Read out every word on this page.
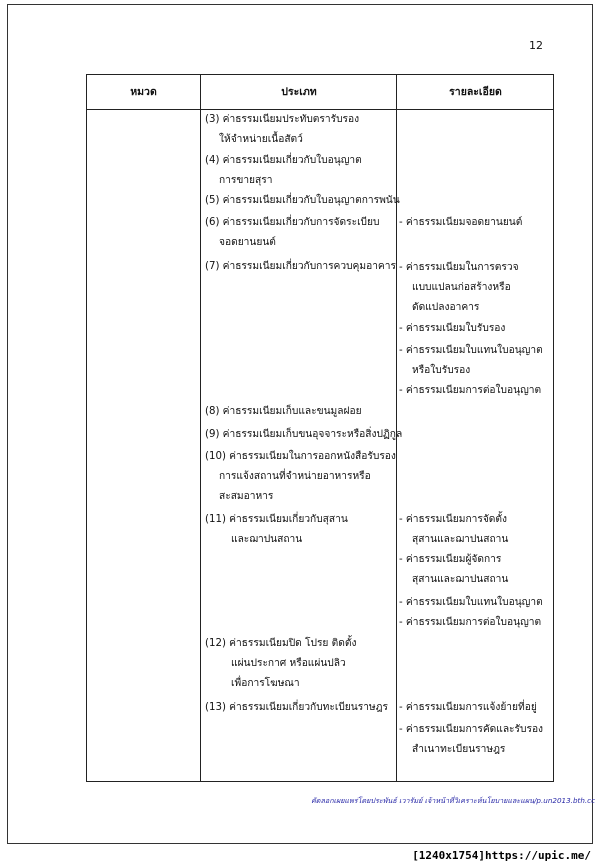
12
หมวด	ประเภท	รายละเอียด
(3) ค่าธรรมเนียมประทับตรารับรอง
ให้จำหน่ายเนื้อสัตว์
(4) ค่าธรรมเนียมเกี่ยวกับใบอนุญาต
การขายสุรา
(5) ค่าธรรมเนียมเกี่ยวกับใบอนุญาตการพนัน
(6) ค่าธรรมเนียมเกี่ยวกับการจัดระเบียบ
จอดยานยนต์
(7) ค่าธรรมเนียมเกี่ยวกับการควบคุมอาคาร
(8) ค่าธรรมเนียมเก็บและขนมูลฝอย
(9) ค่าธรรมเนียมเก็บขนอุจจาระหรือสิ่งปฏิกูล
(10) ค่าธรรมเนียมในการออกหนังสือรับรอง
การแจ้งสถานที่จำหน่ายอาหารหรือ
สะสมอาหาร
(11) ค่าธรรมเนียมเกี่ยวกับสุสาน
และฌาปนสถาน
(12) ค่าธรรมเนียมปิด โปรย ติดตั้ง
แผ่นประกาศ หรือแผ่นปลิว
เพื่อการโฆษณา
(13) ค่าธรรมเนียมเกี่ยวกับทะเบียนราษฎร
- ค่าธรรมเนียมจอดยานยนต์
- ค่าธรรมเนียมในการตรวจ
แบบแปลนก่อสร้างหรือ
ดัดแปลงอาคาร
- ค่าธรรมเนียมใบรับรอง
- ค่าธรรมเนียมใบแทนใบอนุญาต
หรือใบรับรอง
- ค่าธรรมเนียมการต่อใบอนุญาต
- ค่าธรรมเนียมการจัดตั้ง
สุสานและฌาปนสถาน
- ค่าธรรมเนียมผู้จัดการ
สุสานและฌาปนสถาน
- ค่าธรรมเนียมใบแทนใบอนุญาต
- ค่าธรรมเนียมการต่อใบอนุญาต
- ค่าธรรมเนียมการแจ้งย้ายที่อยู่
- ค่าธรรมเนียมการคัดและรับรอง
สำเนาทะเบียนราษฎร
คัดลอกเผยแพร่โดยประพันธ์ เวารัมย์ เจ้าหน้าที่วิเคราะห์นโยบายและแผน/p.un2013.bth.cc
[1240x1754]https://upic.me/
